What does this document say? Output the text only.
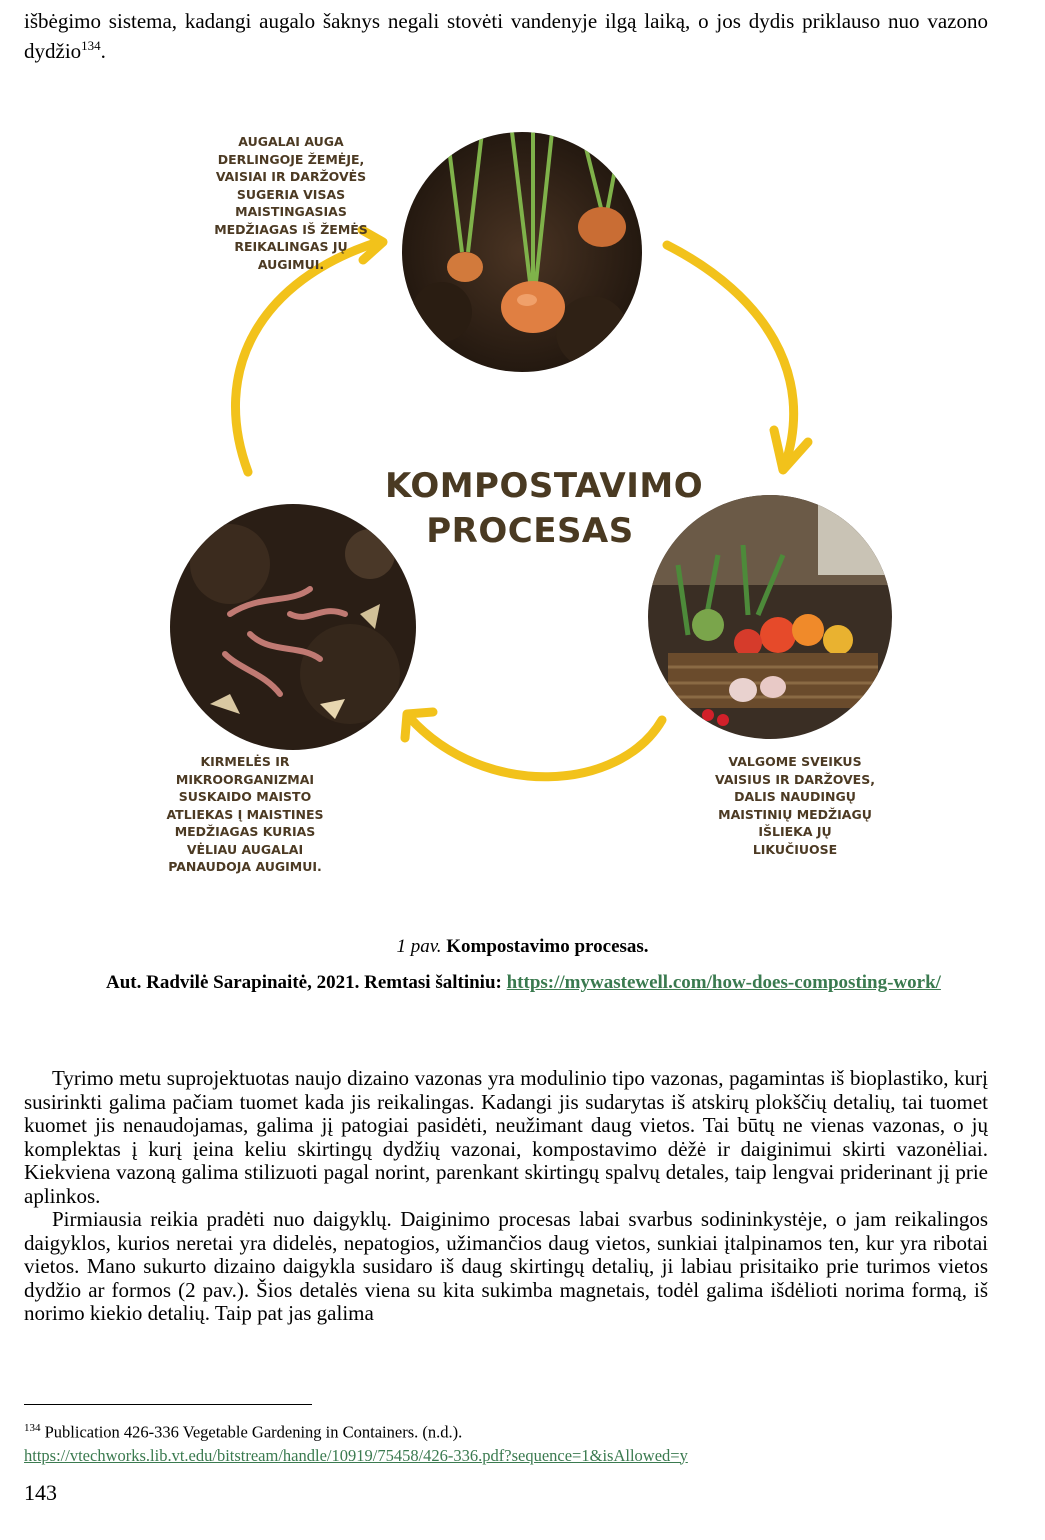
išbėgimo sistema, kadangi augalo šaknys negali stovėti vandenyje ilgą laiką, o jos dydis priklauso nuo vazono dydžio$^{134}$.

KOMPOSTAVIMO
PROCESAS
AUGALAI AUGA DERLINGOJE ŽEMĖJE, VAISIAI IR DARŽOVĖS SUGERIA VISAS MAISTINGASIAS MEDŽIAGAS IŠ ŽEMĖS REIKALINGAS JŲ AUGIMUI.
VALGOME SVEIKUS VAISIUS IR DARŽOVES, DALIS NAUDINGŲ MAISTINIŲ MEDŽIAGŲ IŠLIEKA JŲ LIKUČIUOSE
KIRMELĖS IR MIKROORGANIZMAI SUSKAIDO MAISTO ATLIEKAS Į MAISTINES MEDŽIAGAS KURIAS VĖLIAU AUGALAI PANAUDOJA AUGIMUI.
1 pav. Kompostavimo procesas.
Aut. Radvilė Sarapinaitė, 2021. Remtasi šaltiniu: https://mywastewell.com/how-does-composting-work/

Tyrimo metu suprojektuotas naujo dizaino vazonas yra modulinio tipo vazonas, pagamintas iš bioplastiko, kurį susirinkti galima pačiam tuomet kada jis reikalingas. Kadangi jis sudarytas iš atskirų plokščių detalių, tai tuomet kuomet jis nenaudojamas, galima jį patogiai pasidėti, neužimant daug vietos. Tai būtų ne vienas vazonas, o jų komplektas į kurį įeina keliu skirtingų dydžių vazonai, kompostavimo dėžė ir daiginimui skirti vazonėliai. Kiekviena vazoną galima stilizuoti pagal norint, parenkant skirtingų spalvų detales, taip lengvai priderinant jį prie aplinkos.

Pirmiausia reikia pradėti nuo daigyklų. Daiginimo procesas labai svarbus sodininkystėje, o jam reikalingos daigyklos, kurios neretai yra didelės, nepatogios, užimančios daug vietos, sunkiai įtalpinamos ten, kur yra ribotai vietos. Mano sukurto dizaino daigykla susidaro iš daug skirtingų detalių, ji labiau prisitaiko prie turimos vietos dydžio ar formos (2 pav.). Šios detalės viena su kita sukimba magnetais, todėl galima išdėlioti norima formą, iš norimo kiekio detalių. Taip pat jas galima

$^{134}$ Publication 426-336 Vegetable Gardening in Containers. (n.d.).
https://vtechworks.lib.vt.edu/bitstream/handle/10919/75458/426-336.pdf?sequence=1&isAllowed=y
143
